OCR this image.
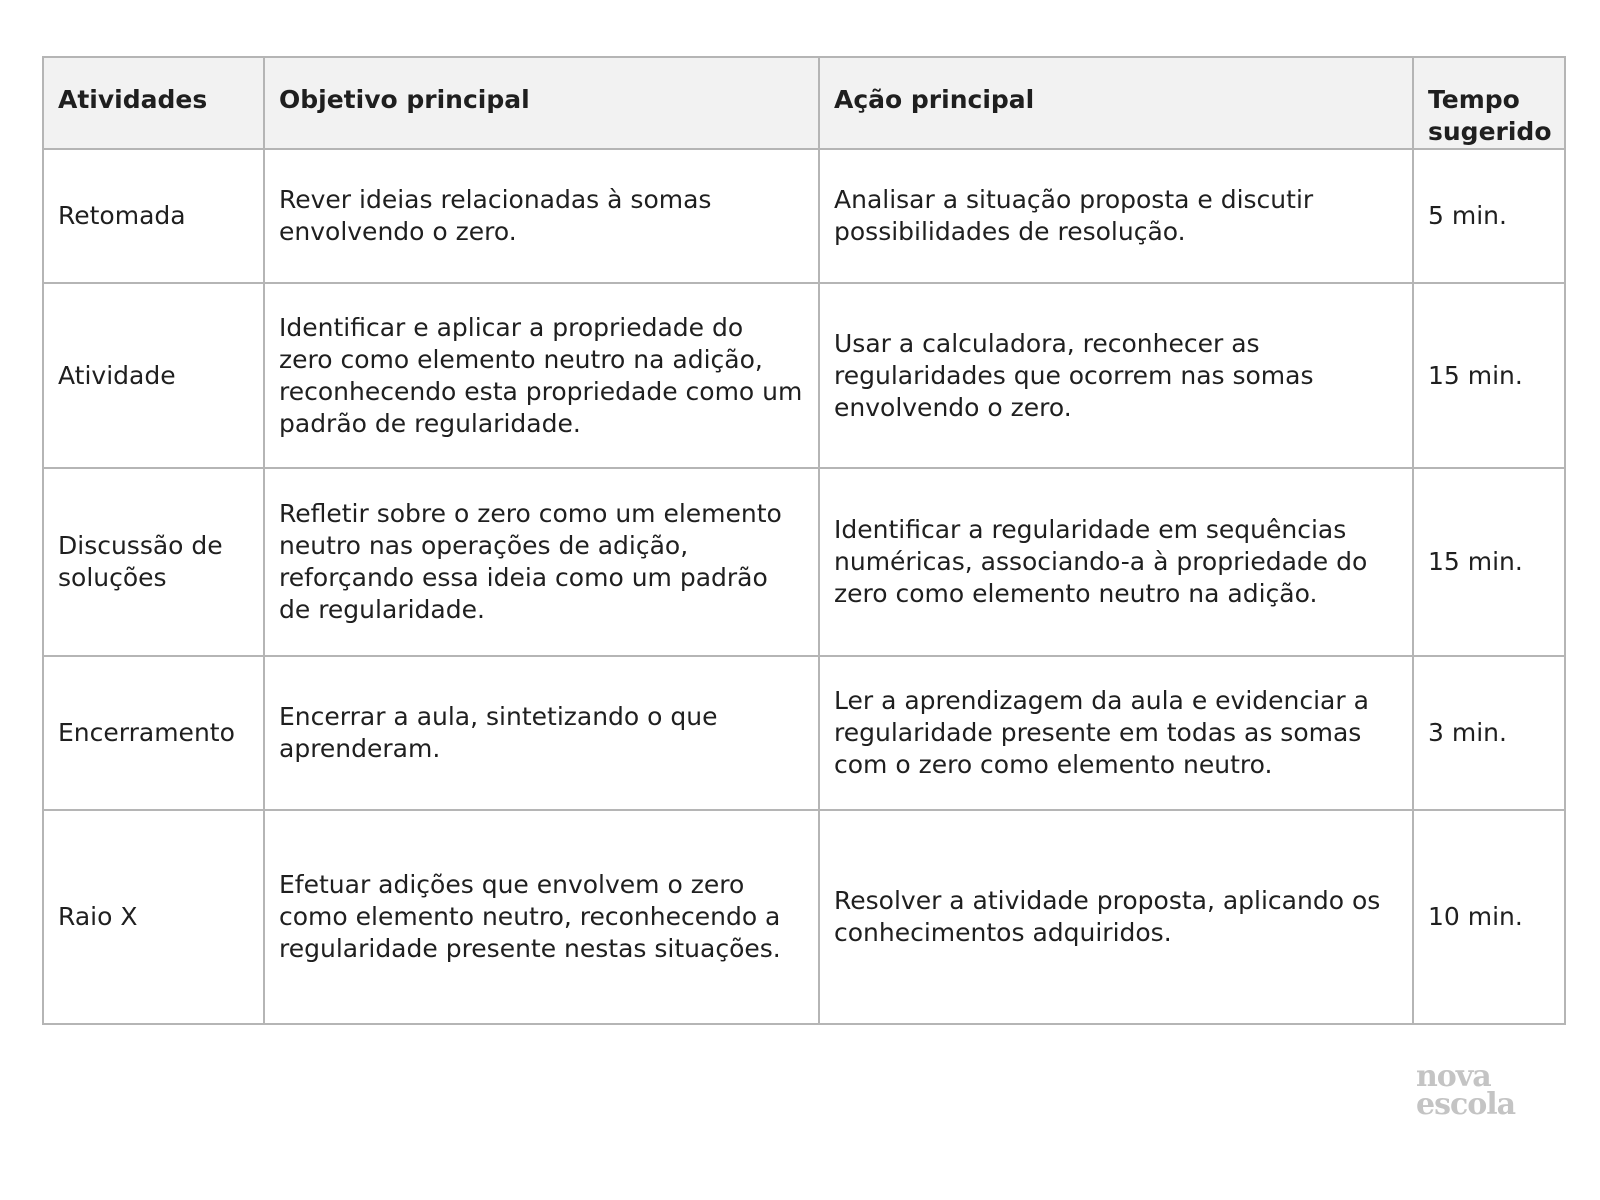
Atividades	Objetivo principal	Ação principal	Tempo sugerido
Retomada	Rever ideias relacionadas à somas envolvendo o zero.	Analisar a situação proposta e discutir possibilidades de resolução.	5 min.
Atividade	Identificar e aplicar a propriedade do zero como elemento neutro na adição, reconhecendo esta propriedade como um padrão de regularidade.	Usar a calculadora, reconhecer as regularidades que ocorrem nas somas envolvendo o zero.	15 min.
Discussão de soluções	Refletir sobre o zero como um elemento neutro nas operações de adição, reforçando essa ideia como um padrão de regularidade.	Identificar a regularidade em sequências numéricas, associando-a à propriedade do zero como elemento neutro na adição.	15 min.
Encerramento	Encerrar a aula, sintetizando o que aprenderam.	Ler a aprendizagem da aula e evidenciar a regularidade presente em todas as somas com o zero como elemento neutro.	3 min.
Raio X	Efetuar adições que envolvem o zero como elemento neutro, reconhecendo a regularidade presente nestas situações.	Resolver a atividade proposta, aplicando os conhecimentos adquiridos.	10 min.
nova
escola
